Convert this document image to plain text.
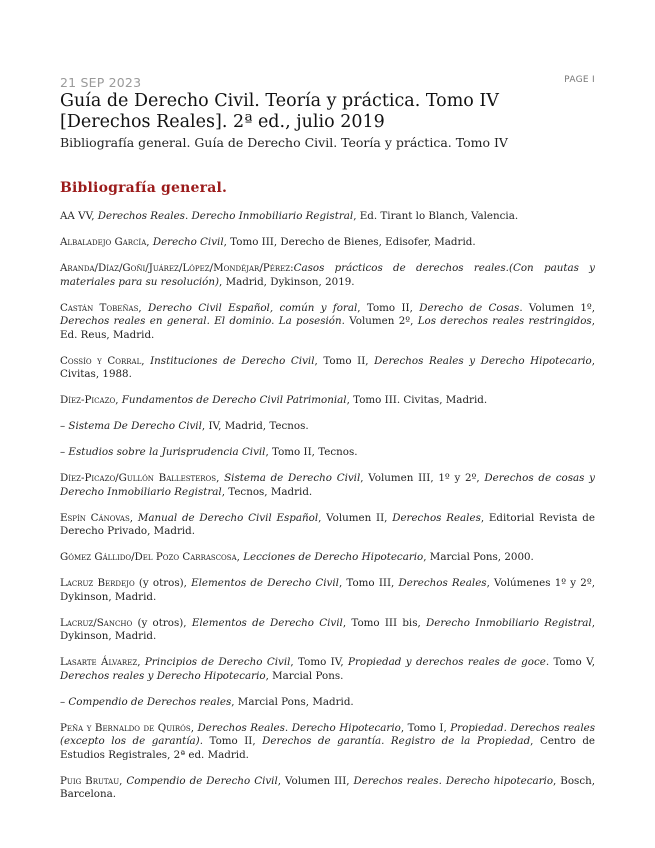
21 SEP 2023	PAGE I
Guía de Derecho Civil. Teoría y práctica. Tomo IV [Derechos Reales]. 2ª ed., julio 2019
Bibliografía general. Guía de Derecho Civil. Teoría y práctica. Tomo IV
Bibliografía general.

AA VV, Derechos Reales. Derecho Inmobiliario Registral, Ed. Tirant lo Blanch, Valencia.

Albaladejo García, Derecho Civil, Tomo III, Derecho de Bienes, Edisofer, Madrid.

Aranda/Díaz/Goñi/Juárez/López/Mondéjar/Pérez:Casos prácticos de derechos reales.(Con pautas y materiales para su resolución), Madrid, Dykinson, 2019.

Castán Tobeñas, Derecho Civil Español, común y foral, Tomo II, Derecho de Cosas. Volumen 1º, Derechos reales en general. El dominio. La posesión. Volumen 2º, Los derechos reales restringidos, Ed. Reus, Madrid.

Cossío y Corral, Instituciones de Derecho Civil, Tomo II, Derechos Reales y Derecho Hipotecario, Civitas, 1988.

Díez-Picazo, Fundamentos de Derecho Civil Patrimonial, Tomo III. Civitas, Madrid.

– Sistema De Derecho Civil, IV, Madrid, Tecnos.

– Estudios sobre la Jurisprudencia Civil, Tomo II, Tecnos.

Díez-Picazo/Gullón Ballesteros, Sistema de Derecho Civil, Volumen III, 1º y 2º, Derechos de cosas y Derecho Inmobiliario Registral, Tecnos, Madrid.

Espín Cánovas, Manual de Derecho Civil Español, Volumen II, Derechos Reales, Editorial Revista de Derecho Privado, Madrid.

Gómez Gállido/Del Pozo Carrascosa, Lecciones de Derecho Hipotecario, Marcial Pons, 2000.

Lacruz Berdejo (y otros), Elementos de Derecho Civil, Tomo III, Derechos Reales, Volúmenes 1º y 2º, Dykinson, Madrid.

Lacruz/Sancho (y otros), Elementos de Derecho Civil, Tomo III bis, Derecho Inmobiliario Registral, Dykinson, Madrid.

Lasarte Álvarez, Principios de Derecho Civil, Tomo IV, Propiedad y derechos reales de goce. Tomo V, Derechos reales y Derecho Hipotecario, Marcial Pons.

– Compendio de Derechos reales, Marcial Pons, Madrid.

Peña y Bernaldo de Quirós, Derechos Reales. Derecho Hipotecario, Tomo I, Propiedad. Derechos reales (excepto los de garantía). Tomo II, Derechos de garantía. Registro de la Propiedad, Centro de Estudios Registrales, 2ª ed. Madrid.

Puig Brutau, Compendio de Derecho Civil, Volumen III, Derechos reales. Derecho hipotecario, Bosch, Barcelona.
